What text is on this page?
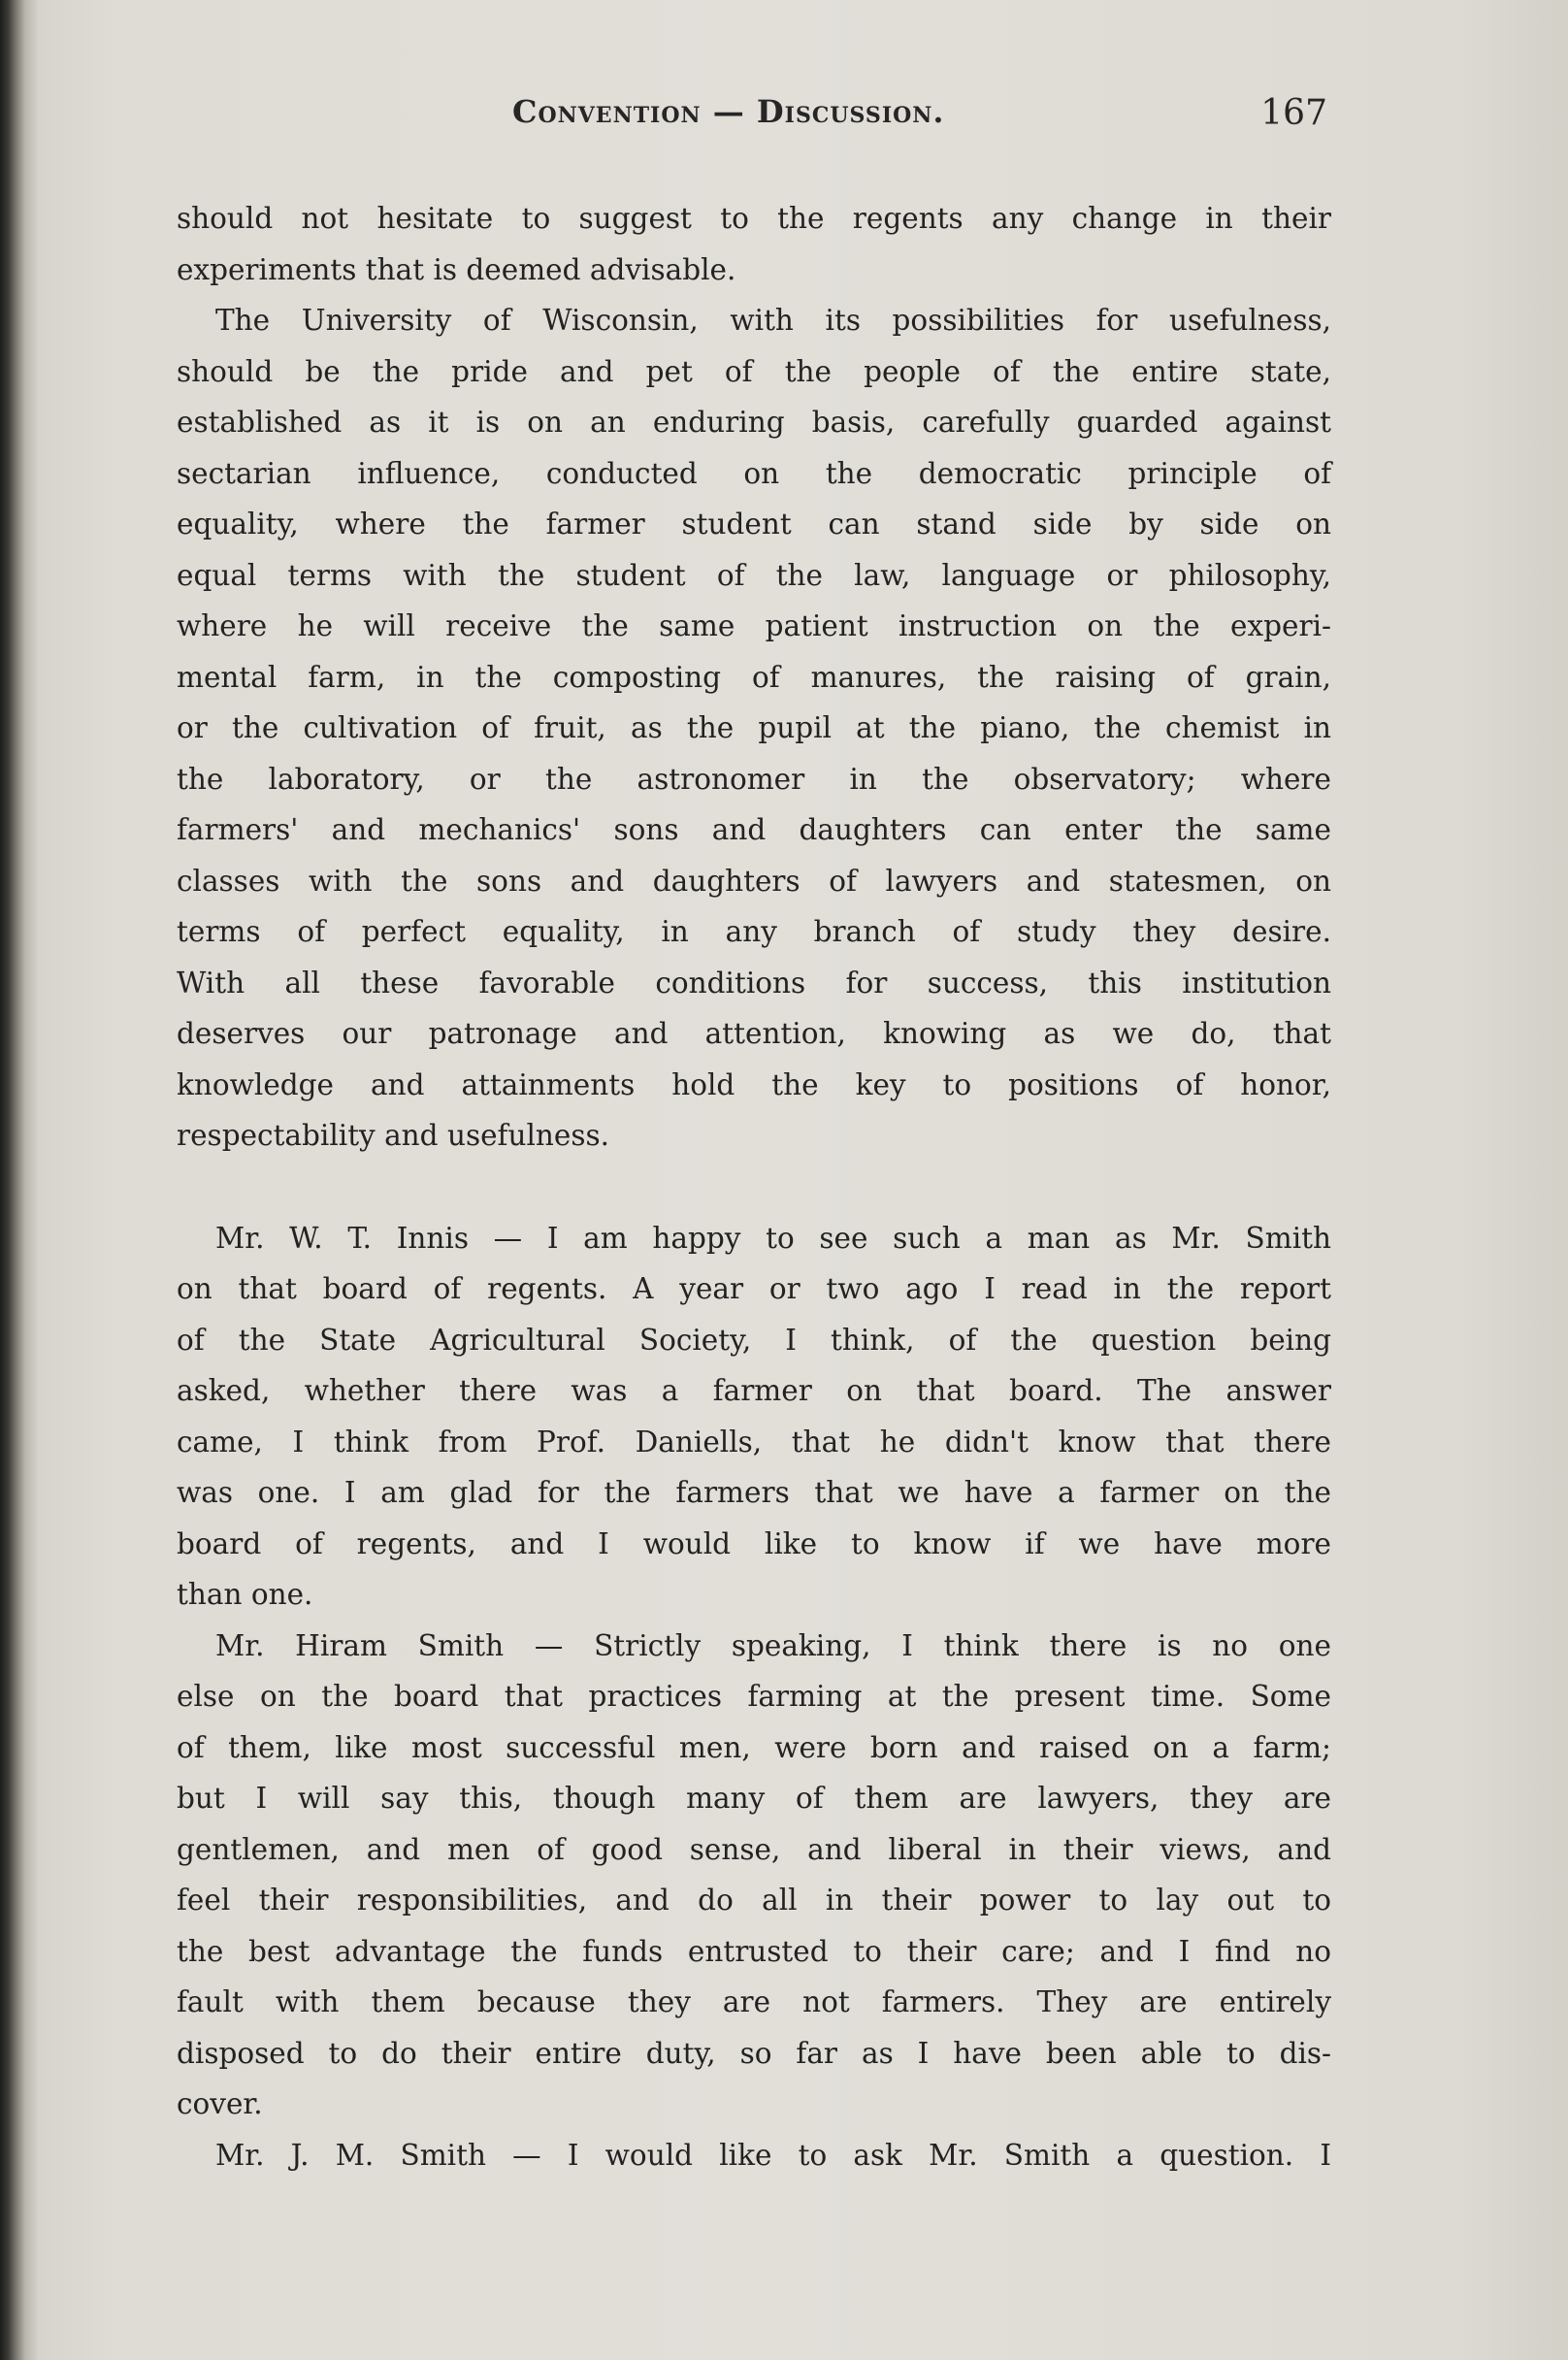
Convention — Discussion.	167
should not hesitate to suggest to the regents any change in their
experiments that is deemed advisable.
The University of Wisconsin, with its possibilities for usefulness,
should be the pride and pet of the people of the entire state,
established as it is on an enduring basis, carefully guarded against
sectarian influence, conducted on the democratic principle of
equality, where the farmer student can stand side by side on
equal terms with the student of the law, language or philosophy,
where he will receive the same patient instruction on the experi-
mental farm, in the composting of manures, the raising of grain,
or the cultivation of fruit, as the pupil at the piano, the chemist in
the laboratory, or the astronomer in the observatory; where
farmers' and mechanics' sons and daughters can enter the same
classes with the sons and daughters of lawyers and statesmen, on
terms of perfect equality, in any branch of study they desire.
With all these favorable conditions for success, this institution
deserves our patronage and attention, knowing as we do, that
knowledge and attainments hold the key to positions of honor,
respectability and usefulness.
Mr. W. T. Innis — I am happy to see such a man as Mr. Smith
on that board of regents. A year or two ago I read in the report
of the State Agricultural Society, I think, of the question being
asked, whether there was a farmer on that board. The answer
came, I think from Prof. Daniells, that he didn't know that there
was one. I am glad for the farmers that we have a farmer on the
board of regents, and I would like to know if we have more
than one.
Mr. Hiram Smith — Strictly speaking, I think there is no one
else on the board that practices farming at the present time. Some
of them, like most successful men, were born and raised on a farm;
but I will say this, though many of them are lawyers, they are
gentlemen, and men of good sense, and liberal in their views, and
feel their responsibilities, and do all in their power to lay out to
the best advantage the funds entrusted to their care; and I find no
fault with them because they are not farmers. They are entirely
disposed to do their entire duty, so far as I have been able to dis-
cover.
Mr. J. M. Smith — I would like to ask Mr. Smith a question. I
